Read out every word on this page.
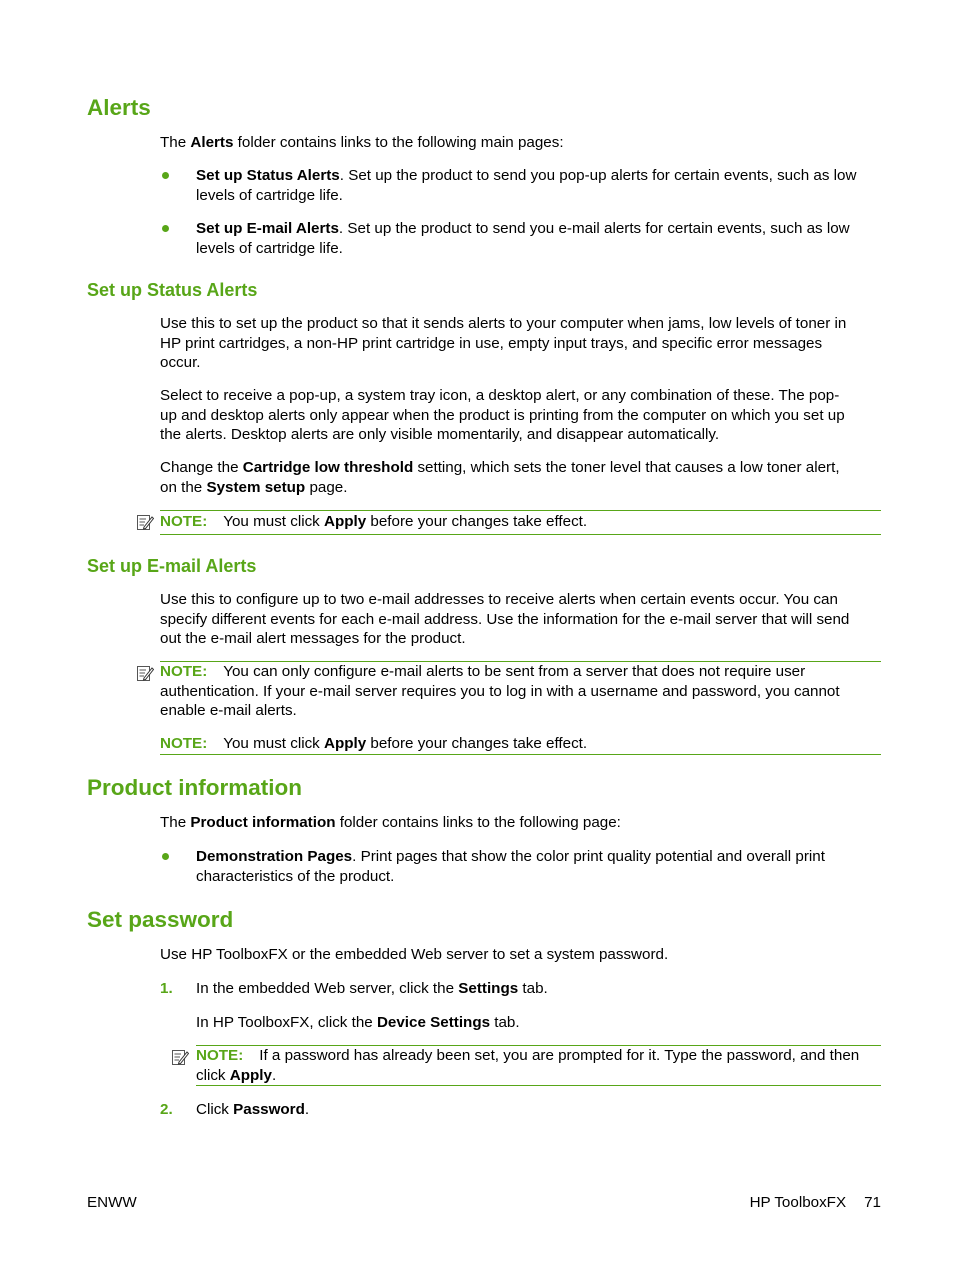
Alerts
The Alerts folder contains links to the following main pages:
Set up Status Alerts. Set up the product to send you pop-up alerts for certain events, such as low
levels of cartridge life.
Set up E-mail Alerts. Set up the product to send you e-mail alerts for certain events, such as low
levels of cartridge life.
Set up Status Alerts
Use this to set up the product so that it sends alerts to your computer when jams, low levels of toner in
HP print cartridges, a non-HP print cartridge in use, empty input trays, and specific error messages
occur.
Select to receive a pop-up, a system tray icon, a desktop alert, or any combination of these. The pop-
up and desktop alerts only appear when the product is printing from the computer on which you set up
the alerts. Desktop alerts are only visible momentarily, and disappear automatically.
Change the Cartridge low threshold setting, which sets the toner level that causes a low toner alert,
on the System setup page.
NOTE: You must click Apply before your changes take effect.
Set up E-mail Alerts
Use this to configure up to two e-mail addresses to receive alerts when certain events occur. You can
specify different events for each e-mail address. Use the information for the e-mail server that will send
out the e-mail alert messages for the product.
NOTE: You can only configure e-mail alerts to be sent from a server that does not require user
authentication. If your e-mail server requires you to log in with a username and password, you cannot
enable e-mail alerts.
NOTE: You must click Apply before your changes take effect.
Product information
The Product information folder contains links to the following page:
Demonstration Pages. Print pages that show the color print quality potential and overall print
characteristics of the product.
Set password
Use HP ToolboxFX or the embedded Web server to set a system password.
1. In the embedded Web server, click the Settings tab.
In HP ToolboxFX, click the Device Settings tab.
NOTE: If a password has already been set, you are prompted for it. Type the password, and then
click Apply.
2. Click Password.
ENWW	HP ToolboxFX 71
